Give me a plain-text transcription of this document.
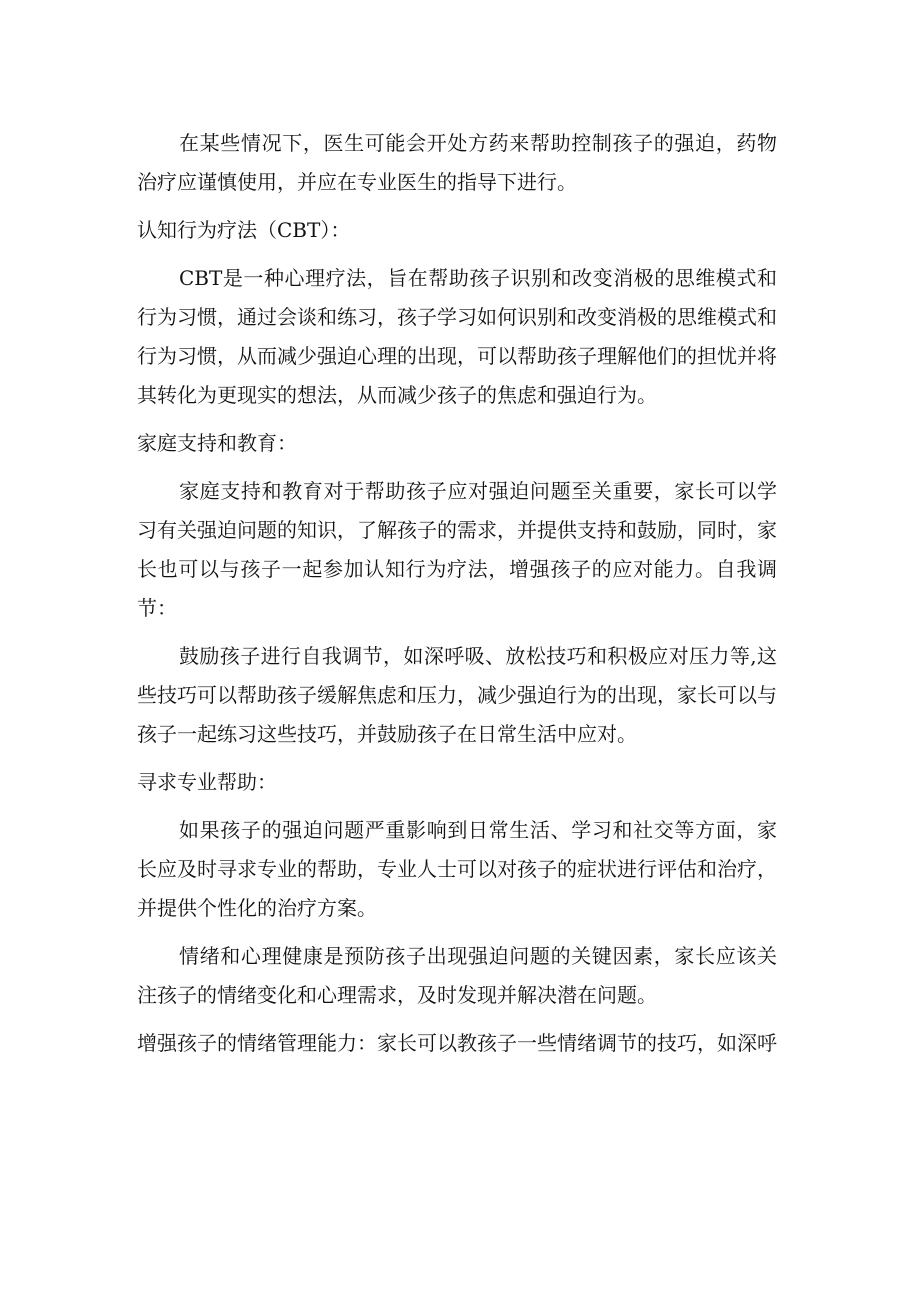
在某些情况下，医生可能会开处方药来帮助控制孩子的强迫，药物治疗应谨慎使用，并应在专业医生的指导下进行。

认知行为疗法（CBT）：

CBT是一种心理疗法，旨在帮助孩子识别和改变消极的思维模式和行为习惯，通过会谈和练习，孩子学习如何识别和改变消极的思维模式和行为习惯，从而减少强迫心理的出现，可以帮助孩子理解他们的担忧并将其转化为更现实的想法，从而减少孩子的焦虑和强迫行为。

家庭支持和教育：

家庭支持和教育对于帮助孩子应对强迫问题至关重要，家长可以学习有关强迫问题的知识，了解孩子的需求，并提供支持和鼓励，同时，家长也可以与孩子一起参加认知行为疗法，增强孩子的应对能力。自我调节：

鼓励孩子进行自我调节，如深呼吸、放松技巧和积极应对压力等,这些技巧可以帮助孩子缓解焦虑和压力，减少强迫行为的出现，家长可以与孩子一起练习这些技巧，并鼓励孩子在日常生活中应对。

寻求专业帮助：

如果孩子的强迫问题严重影响到日常生活、学习和社交等方面，家长应及时寻求专业的帮助，专业人士可以对孩子的症状进行评估和治疗，并提供个性化的治疗方案。

情绪和心理健康是预防孩子出现强迫问题的关键因素，家长应该关注孩子的情绪变化和心理需求，及时发现并解决潜在问题。

增强孩子的情绪管理能力：家长可以教孩子一些情绪调节的技巧，如深呼
